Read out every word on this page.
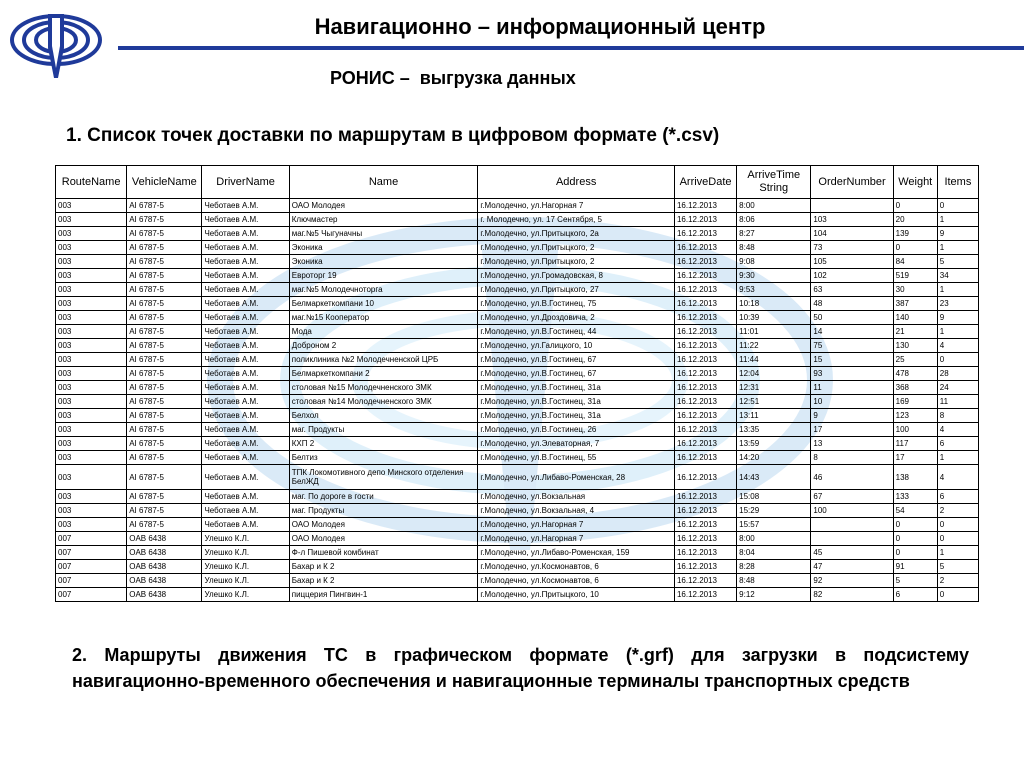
Навигационно – информационный центр
РОНИС –  выгрузка данных
1. Список точек доставки по маршрутам в цифровом формате (*.csv)
RouteName	VehicleName	DriverName	Name	Address	ArriveDate	ArriveTime String	OrderNumber	Weight	Items
003	AI 6787-5	Чеботаев А.М.	ОАО Молодея	г.Молодечно, ул.Нагорная 7	16.12.2013	8:00		0	0
003	AI 6787-5	Чеботаев А.М.	Ключмастер	г. Молодечно, ул. 17 Сентября, 5	16.12.2013	8:06	103	20	1
003	AI 6787-5	Чеботаев А.М.	маг.№5 Чыгуначны	г.Молодечно, ул.Притыцкого, 2а	16.12.2013	8:27	104	139	9
003	AI 6787-5	Чеботаев А.М.	Эконика	г.Молодечно, ул.Притыцкого, 2	16.12.2013	8:48	73	0	1
003	AI 6787-5	Чеботаев А.М.	Эконика	г.Молодечно, ул.Притыцкого, 2	16.12.2013	9:08	105	84	5
003	AI 6787-5	Чеботаев А.М.	Евроторг 19	г.Молодечно, ул.Громадовская, 8	16.12.2013	9:30	102	519	34
003	AI 6787-5	Чеботаев А.М.	маг.№5 Молодечноторга	г.Молодечно, ул.Притыцкого, 27	16.12.2013	9:53	63	30	1
003	AI 6787-5	Чеботаев А.М.	Белмаркеткомпани 10	г.Молодечно, ул.В.Гостинец, 75	16.12.2013	10:18	48	387	23
003	AI 6787-5	Чеботаев А.М.	маг.№15 Кооператор	г.Молодечно, ул.Дроздовича, 2	16.12.2013	10:39	50	140	9
003	AI 6787-5	Чеботаев А.М.	Мода	г.Молодечно, ул.В.Гостинец, 44	16.12.2013	11:01	14	21	1
003	AI 6787-5	Чеботаев А.М.	Доброном 2	г.Молодечно, ул.Галицкого, 10	16.12.2013	11:22	75	130	4
003	AI 6787-5	Чеботаев А.М.	поликлиника №2 Молодечненской ЦРБ	г.Молодечно, ул.В.Гостинец, 67	16.12.2013	11:44	15	25	0
003	AI 6787-5	Чеботаев А.М.	Белмаркеткомпани 2	г.Молодечно, ул.В.Гостинец, 67	16.12.2013	12:04	93	478	28
003	AI 6787-5	Чеботаев А.М.	столовая №15 Молодечненского ЗМК	г.Молодечно, ул.В.Гостинец, 31а	16.12.2013	12:31	11	368	24
003	AI 6787-5	Чеботаев А.М.	столовая №14 Молодечненского ЗМК	г.Молодечно, ул.В.Гостинец, 31а	16.12.2013	12:51	10	169	11
003	AI 6787-5	Чеботаев А.М.	Белхол	г.Молодечно, ул.В.Гостинец, 31а	16.12.2013	13:11	9	123	8
003	AI 6787-5	Чеботаев А.М.	маг. Продукты	г.Молодечно, ул.В.Гостинец, 26	16.12.2013	13:35	17	100	4
003	AI 6787-5	Чеботаев А.М.	КХП 2	г.Молодечно, ул.Элеваторная, 7	16.12.2013	13:59	13	117	6
003	AI 6787-5	Чеботаев А.М.	Белтиз	г.Молодечно, ул.В.Гостинец, 55	16.12.2013	14:20	8	17	1
003	AI 6787-5	Чеботаев А.М.	ТПК Локомотивного депо Минского отделения БелЖД	г.Молодечно, ул.Либаво-Роменская, 28	16.12.2013	14:43	46	138	4
003	AI 6787-5	Чеботаев А.М.	маг. По дороге в гости	г.Молодечно, ул.Вокзальная	16.12.2013	15:08	67	133	6
003	AI 6787-5	Чеботаев А.М.	маг. Продукты	г.Молодечно, ул.Вокзальная, 4	16.12.2013	15:29	100	54	2
003	AI 6787-5	Чеботаев А.М.	ОАО Молодея	г.Молодечно, ул.Нагорная 7	16.12.2013	15:57		0	0
007	OAB 6438	Улешко К.Л.	ОАО Молодея	г.Молодечно, ул.Нагорная 7	16.12.2013	8:00		0	0
007	OAB 6438	Улешко К.Л.	Ф-л Пишевой комбинат	г.Молодечно, ул.Либаво-Роменская, 159	16.12.2013	8:04	45	0	1
007	OAB 6438	Улешко К.Л.	Бахар и К 2	г.Молодечно, ул.Космонавтов, 6	16.12.2013	8:28	47	91	5
007	OAB 6438	Улешко К.Л.	Бахар и К 2	г.Молодечно, ул.Космонавтов, 6	16.12.2013	8:48	92	5	2
007	OAB 6438	Улешко К.Л.	пиццерия Пингвин-1	г.Молодечно, ул.Притыцкого, 10	16.12.2013	9:12	82	6	0
2. Маршруты движения ТС в графическом формате (*.grf) для загрузки в подсистему навигационно-временного обеспечения и навигационные терминалы транспортных средств
